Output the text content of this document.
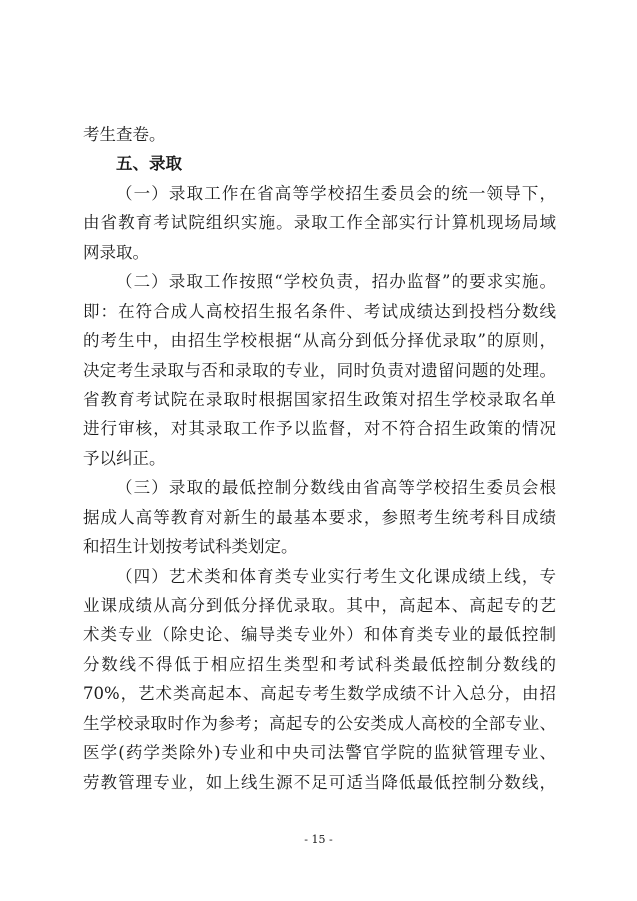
考生查卷。
五、录取
（一）录取工作在省高等学校招生委员会的统一领导下，
由省教育考试院组织实施。录取工作全部实行计算机现场局域
网录取。
（二）录取工作按照“学校负责，招办监督”的要求实施。
即：在符合成人高校招生报名条件、考试成绩达到投档分数线
的考生中，由招生学校根据“从高分到低分择优录取”的原则，
决定考生录取与否和录取的专业，同时负责对遗留问题的处理。
省教育考试院在录取时根据国家招生政策对招生学校录取名单
进行审核，对其录取工作予以监督，对不符合招生政策的情况
予以纠正。
（三）录取的最低控制分数线由省高等学校招生委员会根
据成人高等教育对新生的最基本要求，参照考生统考科目成绩
和招生计划按考试科类划定。
（四）艺术类和体育类专业实行考生文化课成绩上线，专
业课成绩从高分到低分择优录取。其中，高起本、高起专的艺
术类专业（除史论、编导类专业外）和体育类专业的最低控制
分数线不得低于相应招生类型和考试科类最低控制分数线的
70%，艺术类高起本、高起专考生数学成绩不计入总分，由招
生学校录取时作为参考；高起专的公安类成人高校的全部专业、
医学(药学类除外)专业和中央司法警官学院的监狱管理专业、
劳教管理专业，如上线生源不足可适当降低最低控制分数线，
- 15 -
